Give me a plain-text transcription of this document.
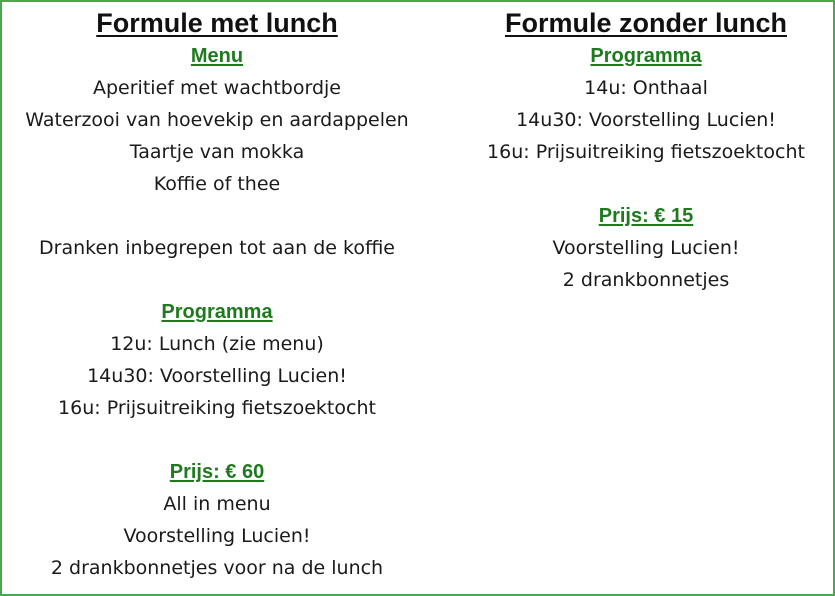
Formule met lunch
Menu

Aperitief met wachtbordje

Waterzooi van hoevekip en aardappelen

Taartje van mokka

Koffie of thee

Dranken inbegrepen tot aan de koffie

Programma

12u: Lunch (zie menu)

14u30: Voorstelling Lucien!

16u: Prijsuitreiking fietszoektocht

Prijs: € 60

All in menu

Voorstelling Lucien!

2 drankbonnetjes voor na de lunch

Formule zonder lunch
Programma

14u: Onthaal

14u30: Voorstelling Lucien!

16u: Prijsuitreiking fietszoektocht

Prijs: € 15

Voorstelling Lucien!

2 drankbonnetjes
